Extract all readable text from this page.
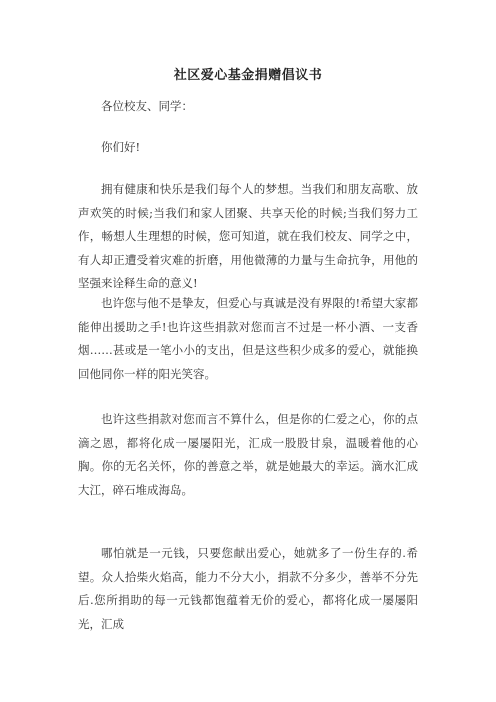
社区爱心基金捐赠倡议书

各位校友、同学：

你们好!

拥有健康和快乐是我们每个人的梦想。当我们和朋友高歌、放声欢笑的时候;当我们和家人团聚、共享天伦的时候;当我们努力工作，畅想人生理想的时候，您可知道，就在我们校友、同学之中，有人却正遭受着灾难的折磨，用他微薄的力量与生命抗争，用他的坚强来诠释生命的意义!

也许您与他不是挚友，但爱心与真诚是没有界限的!希望大家都能伸出援助之手!也许这些捐款对您而言不过是一杯小酒、一支香烟……甚或是一笔小小的支出，但是这些积少成多的爱心，就能换回他同你一样的阳光笑容。

也许这些捐款对您而言不算什么，但是你的仁爱之心，你的点滴之恩，都将化成一屡屡阳光，汇成一股股甘泉，温暖着他的心胸。你的无名关怀，你的善意之举，就是她最大的幸运。滴水汇成大江，碎石堆成海岛。

哪怕就是一元钱，只要您献出爱心，她就多了一份生存的.希望。众人拾柴火焰高，能力不分大小，捐款不分多少，善举不分先后.您所捐助的每一元钱都饱蕴着无价的爱心，都将化成一屡屡阳光，汇成
